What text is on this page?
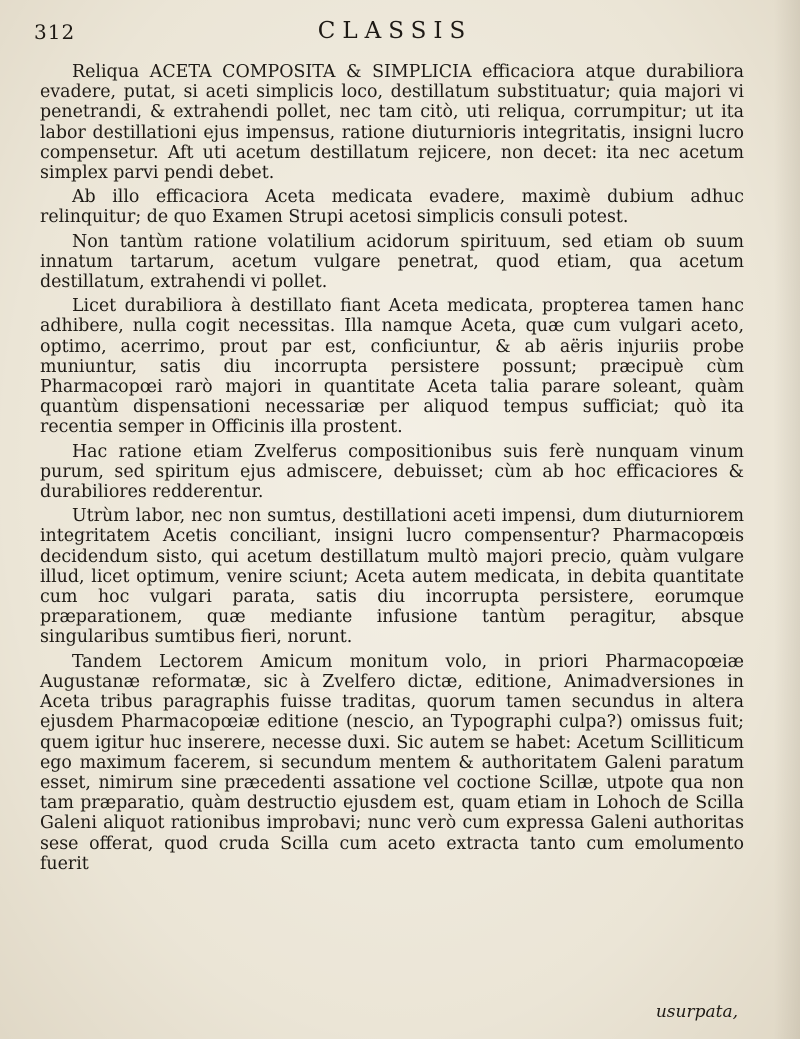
312	CLASSIS

Reliqua ACETA COMPOSITA & SIMPLICIA efficaciora atque durabiliora evadere, putat, si aceti simplicis loco, destillatum substituatur; quia majori vi penetrandi, & extrahendi pollet, nec tam citò, uti reliqua, corrumpitur; ut ita labor destillationi ejus impensus, ratione diuturnioris integritatis, insigni lucro compensetur. Aft uti acetum destillatum rejicere, non decet: ita nec acetum simplex parvi pendi debet.

Ab illo efficaciora Aceta medicata evadere, maximè dubium adhuc relinquitur; de quo Examen Strupi acetosi simplicis consuli potest.

Non tantùm ratione volatilium acidorum spirituum, sed etiam ob suum innatum tartarum, acetum vulgare penetrat, quod etiam, qua acetum destillatum, extrahendi vi pollet.

Licet durabiliora à destillato fiant Aceta medicata, propterea tamen hanc adhibere, nulla cogit necessitas. Illa namque Aceta, quæ cum vulgari aceto, optimo, acerrimo, prout par est, conficiuntur, & ab aëris injuriis probe muniuntur, satis diu incorrupta persistere possunt; præcipuè cùm Pharmacopœi rarò majori in quantitate Aceta talia parare soleant, quàm quantùm dispensationi necessariæ per aliquod tempus sufficiat; quò ita recentia semper in Officinis illa prostent.

Hac ratione etiam Zvelferus compositionibus suis ferè nunquam vinum purum, sed spiritum ejus admiscere, debuisset; cùm ab hoc efficaciores & durabiliores redderentur.

Utrùm labor, nec non sumtus, destillationi aceti impensi, dum diuturniorem integritatem Acetis conciliant, insigni lucro compensentur? Pharmacopœis decidendum sisto, qui acetum destillatum multò majori precio, quàm vulgare illud, licet optimum, venire sciunt; Aceta autem medicata, in debita quantitate cum hoc vulgari parata, satis diu incorrupta persistere, eorumque præparationem, quæ mediante infusione tantùm peragitur, absque singularibus sumtibus fieri, norunt.

Tandem Lectorem Amicum monitum volo, in priori Pharmacopœiæ Augustanæ reformatæ, sic à Zvelfero dictæ, editione, Animadversiones in Aceta tribus paragraphis fuisse traditas, quorum tamen secundus in altera ejusdem Pharmacopœiæ editione (nescio, an Typographi culpa?) omissus fuit; quem igitur huc inserere, necesse duxi. Sic autem se habet: Acetum Scilliticum ego maximum facerem, si secundum mentem & authoritatem Galeni paratum esset, nimirum sine præcedenti assatione vel coctione Scillæ, utpote qua non tam præparatio, quàm destructio ejusdem est, quam etiam in Lohoch de Scilla Galeni aliquot rationibus improbavi; nunc verò cum expressa Galeni authoritas sese offerat, quod cruda Scilla cum aceto extracta tanto cum emolumento fuerit

usurpata,
